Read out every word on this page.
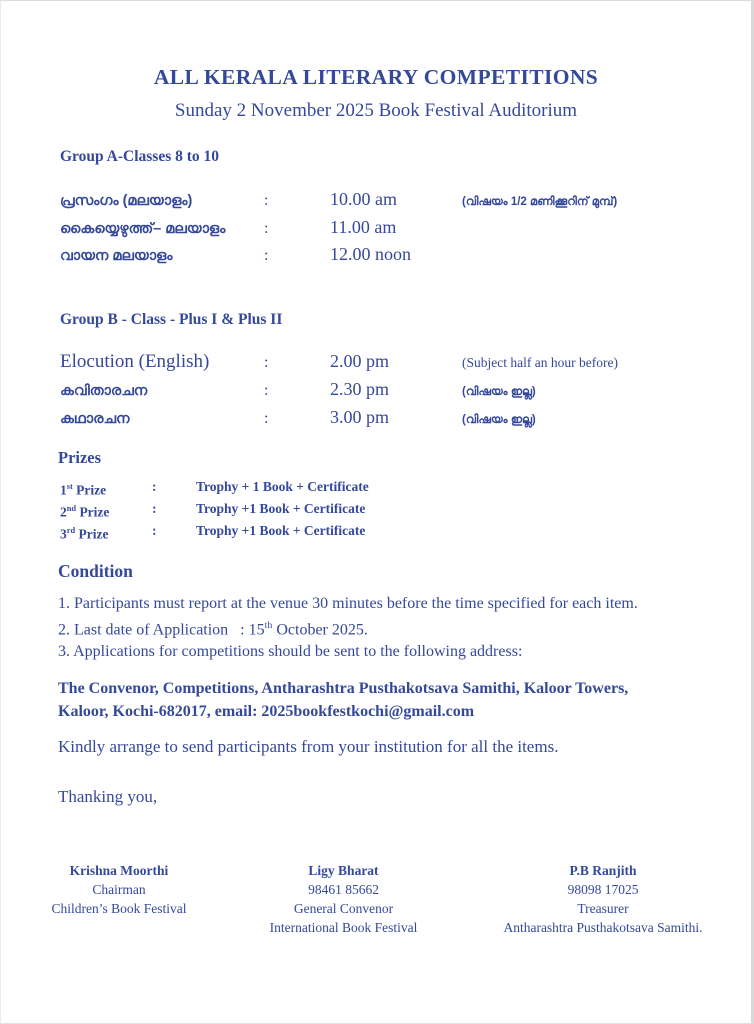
ALL KERALA LITERARY COMPETITIONS
Sunday 2 November 2025 Book Festival Auditorium
Group A-Classes 8 to 10
പ്രസംഗം (മലയാളം)	:	10.00 am	(വിഷയം 1/2 മണിക്കൂറിന് മുമ്പ്)
കൈയ്യെഴുത്ത്– മലയാളം	:	11.00 am
വായന മലയാളം	:	12.00 noon
Group B - Class - Plus I & Plus II
Elocution (English)	:	2.00 pm	(Subject half an hour before)
കവിതാരചന	:	2.30 pm	(വിഷയം ഇല്ല)
കഥാരചന	:	3.00 pm	(വിഷയം ഇല്ല)
Prizes
1st Prize	:	Trophy + 1 Book + Certificate
2nd Prize	:	Trophy +1 Book + Certificate
3rd Prize	:	Trophy +1 Book + Certificate
Condition
1. Participants must report at the venue 30 minutes before the time specified for each item.
2. Last date of Application   : 15th October 2025.
3. Applications for competitions should be sent to the following address:
The Convenor, Competitions, Antharashtra Pusthakotsava Samithi, Kaloor Towers,
Kaloor, Kochi-682017, email: 2025bookfestkochi@gmail.com
Kindly arrange to send participants from your institution for all the items.
Thanking you,
Krishna Moorthi
Chairman
Children’s Book Festival
Ligy Bharat
98461 85662
General Convenor
International Book Festival
P.B Ranjith
98098 17025
Treasurer
Antharashtra Pusthakotsava Samithi.
